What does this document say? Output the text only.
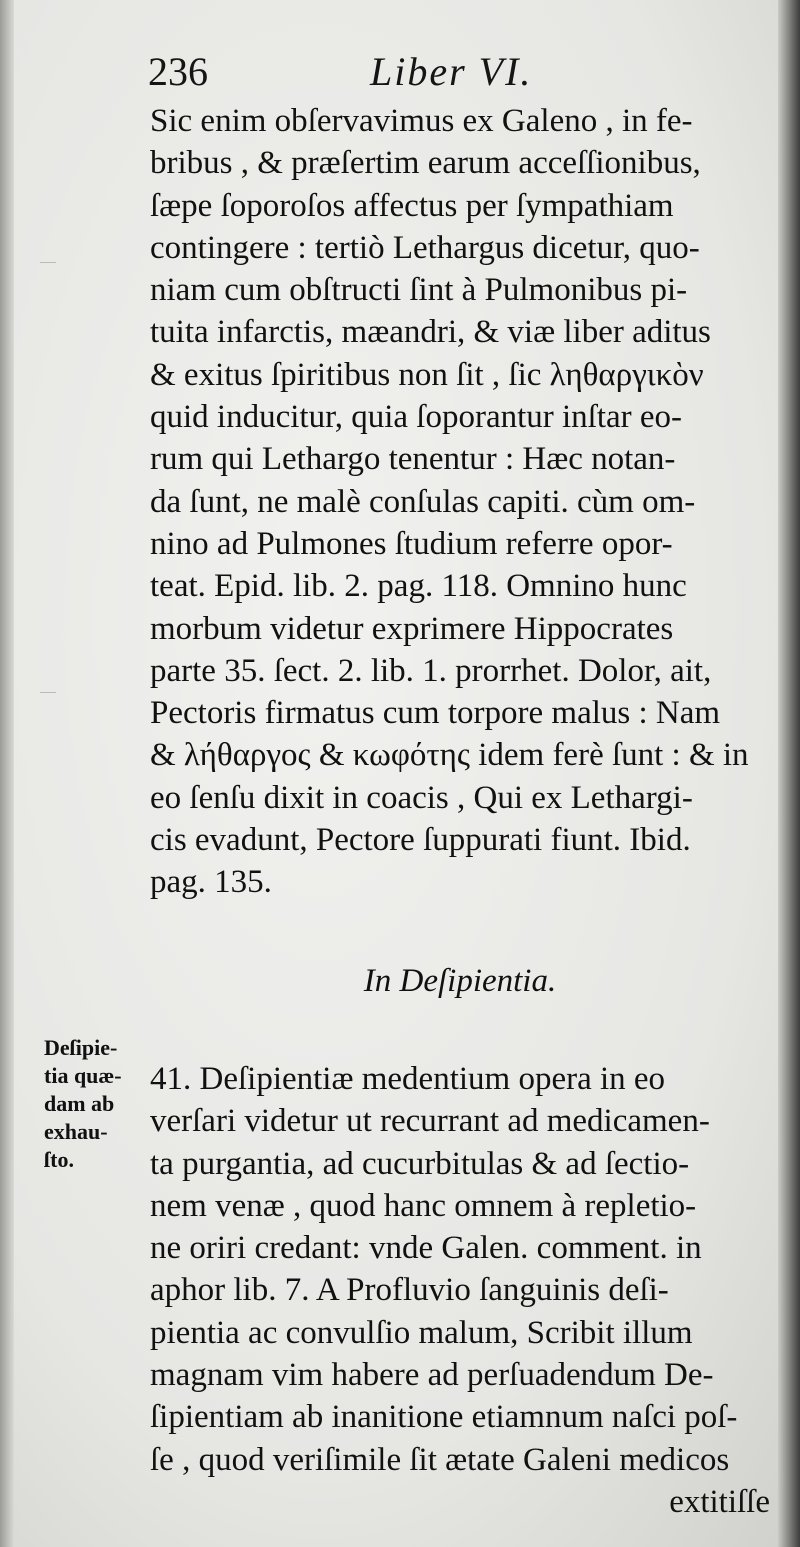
—
—
236	Liber VI.
Sic enim obſervavimus ex Galeno , in fe-
bribus , & præſertim earum acceſſionibus,
ſæpe ſoporoſos affectus per ſympathiam
contingere : tertiò Lethargus dicetur, quo-
niam cum obſtructi ſint à Pulmonibus pi-
tuita infarctis, mæandri, & viæ liber aditus
& exitus ſpiritibus non ſit , ſic ληθαργικὸν
quid inducitur, quia ſoporantur inſtar eo-
rum qui Lethargo tenentur : Hæc notan-
da ſunt, ne malè conſulas capiti. cùm om-
nino ad Pulmones ſtudium referre opor-
teat. Epid. lib. 2. pag. 118. Omnino hunc
morbum videtur exprimere Hippocrates
parte 35. ſect. 2. lib. 1. prorrhet. Dolor, ait,
Pectoris firmatus cum torpore malus : Nam
& λήθαργος & κωφότης idem ferè ſunt : & in
eo ſenſu dixit in coacis , Qui ex Lethargi-
cis evadunt, Pectore ſuppurati fiunt. Ibid.
pag. 135.
In Deſipientia.
41. Deſipientiæ medentium opera in eo
verſari videtur ut recurrant ad medicamen-
ta purgantia, ad cucurbitulas & ad ſectio-
nem venæ , quod hanc omnem à repletio-
ne oriri credant: vnde Galen. comment. in
aphor lib. 7. A Profluvio ſanguinis deſi-
pientia ac convulſio malum, Scribit illum
magnam vim habere ad perſuadendum De-
ſipientiam ab inanitione etiamnum naſci poſ-
ſe , quod veriſimile ſit ætate Galeni medicos
extitiſſe
Deſipie-
tia quæ-
dam ab
exhau-
ſto.
